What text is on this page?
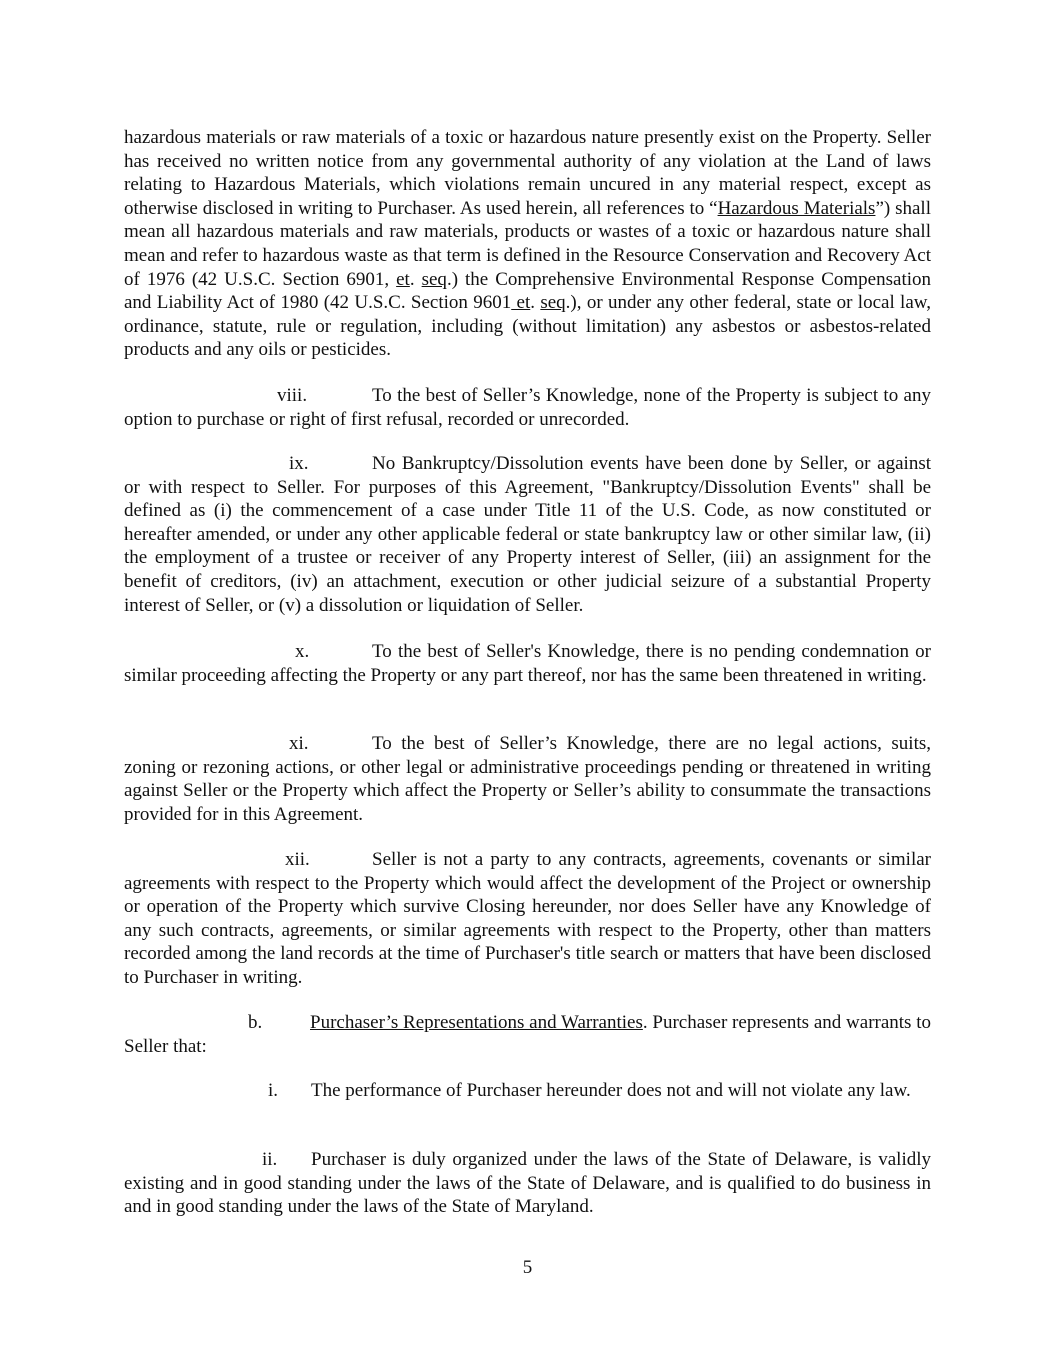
hazardous materials or raw materials of a toxic or hazardous nature presently exist on the Property. Seller has received no written notice from any governmental authority of any violation at the Land of laws relating to Hazardous Materials, which violations remain uncured in any material respect, except as otherwise disclosed in writing to Purchaser. As used herein, all references to “Hazardous Materials”) shall mean all hazardous materials and raw materials, products or wastes of a toxic or hazardous nature shall mean and refer to hazardous waste as that term is defined in the Resource Conservation and Recovery Act of 1976 (42 U.S.C. Section 6901, et. seq.) the Comprehensive Environmental Response Compensation and Liability Act of 1980 (42 U.S.C. Section 9601 et. seq.), or under any other federal, state or local law, ordinance, statute, rule or regulation, including (without limitation) any asbestos or asbestos-related products and any oils or pesticides.

viii.	To the best of Seller’s Knowledge, none of the Property is subject to any option to purchase or right of first refusal, recorded or unrecorded.

ix.	No Bankruptcy/Dissolution events have been done by Seller, or against or with respect to Seller. For purposes of this Agreement, "Bankruptcy/Dissolution Events" shall be defined as (i) the commencement of a case under Title 11 of the U.S. Code, as now constituted or hereafter amended, or under any other applicable federal or state bankruptcy law or other similar law, (ii) the employment of a trustee or receiver of any Property interest of Seller, (iii) an assignment for the benefit of creditors, (iv) an attachment, execution or other judicial seizure of a substantial Property interest of Seller, or (v) a dissolution or liquidation of Seller.

x.	To the best of Seller's Knowledge, there is no pending condemnation or similar proceeding affecting the Property or any part thereof, nor has the same been threatened in writing.

xi.	To the best of Seller’s Knowledge, there are no legal actions, suits, zoning or rezoning actions, or other legal or administrative proceedings pending or threatened in writing against Seller or the Property which affect the Property or Seller’s ability to consummate the transactions provided for in this Agreement.

xii.	Seller is not a party to any contracts, agreements, covenants or similar agreements with respect to the Property which would affect the development of the Project or ownership or operation of the Property which survive Closing hereunder, nor does Seller have any Knowledge of any such contracts, agreements, or similar agreements with respect to the Property, other than matters recorded among the land records at the time of Purchaser's title search or matters that have been disclosed to Purchaser in writing.

b.	Purchaser’s Representations and Warranties. Purchaser represents and warrants to Seller that:

i. The performance of Purchaser hereunder does not and will not violate any law.

ii. Purchaser is duly organized under the laws of the State of Delaware, is validly existing and in good standing under the laws of the State of Delaware, and is qualified to do business in and in good standing under the laws of the State of Maryland.

5
